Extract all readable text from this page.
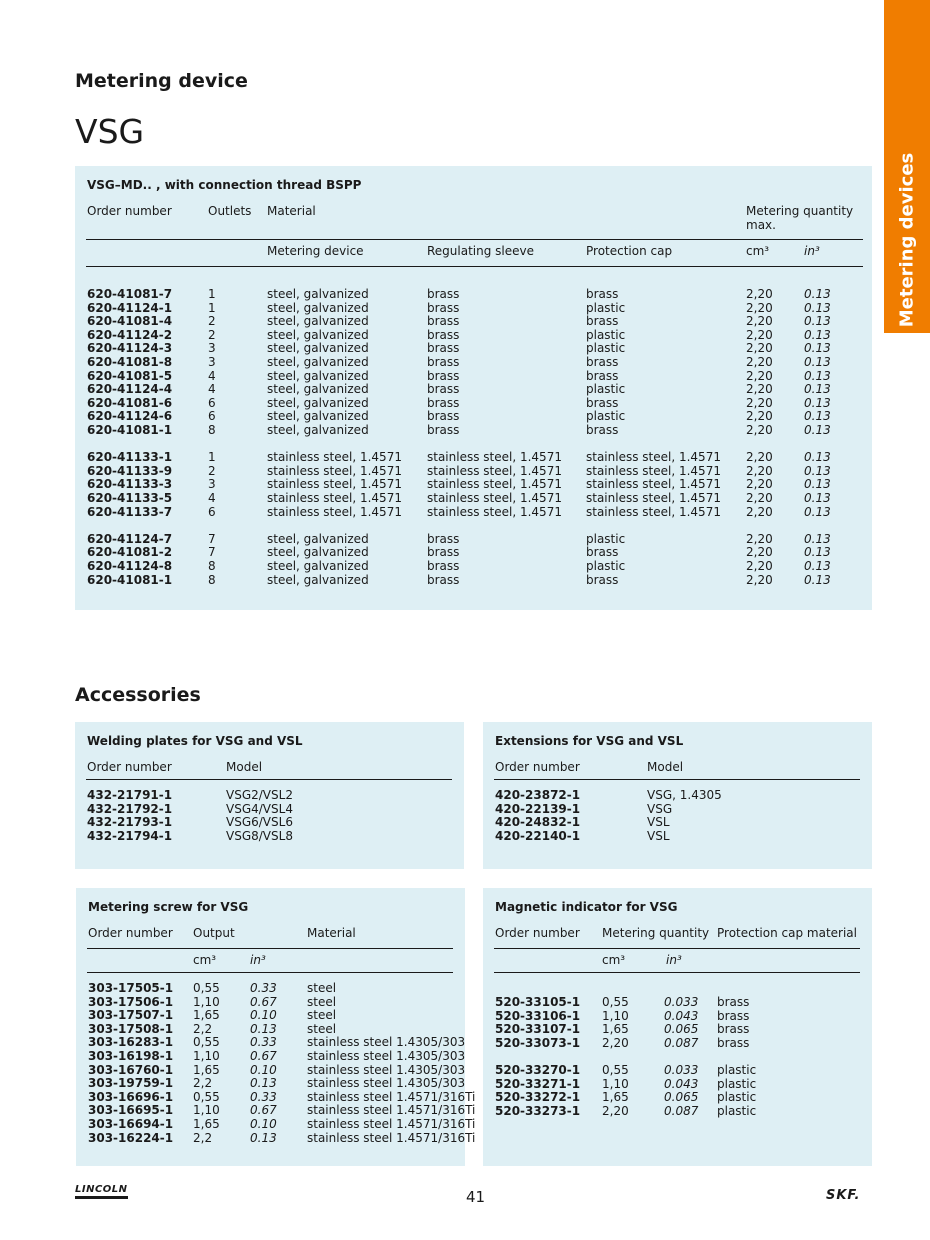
Metering devices
Metering device
VSG
VSG–MD.. , with connection thread BSPP
Order number	Outlets Material	Metering quantity
max.
Metering device	Regulating sleeve	Protection cap	cm³	in³
620-41081-7	1	steel, galvanized	brass	brass	2,20	0.13
620-41124-1	1	steel, galvanized	brass	plastic	2,20	0.13
620-41081-4	2	steel, galvanized	brass	brass	2,20	0.13
620-41124-2	2	steel, galvanized	brass	plastic	2,20	0.13
620-41124-3	3	steel, galvanized	brass	plastic	2,20	0.13
620-41081-8	3	steel, galvanized	brass	brass	2,20	0.13
620-41081-5	4	steel, galvanized	brass	brass	2,20	0.13
620-41124-4	4	steel, galvanized	brass	plastic	2,20	0.13
620-41081-6	6	steel, galvanized	brass	brass	2,20	0.13
620-41124-6	6	steel, galvanized	brass	plastic	2,20	0.13
620-41081-1	8	steel, galvanized	brass	brass	2,20	0.13
620-41133-1	1	stainless steel, 1.4571 stainless steel, 1.4571 stainless steel, 1.4571 2,20	0.13
620-41133-9	2	stainless steel, 1.4571 stainless steel, 1.4571 stainless steel, 1.4571 2,20	0.13
620-41133-3	3	stainless steel, 1.4571 stainless steel, 1.4571 stainless steel, 1.4571 2,20	0.13
620-41133-5	4	stainless steel, 1.4571 stainless steel, 1.4571 stainless steel, 1.4571 2,20	0.13
620-41133-7	6	stainless steel, 1.4571 stainless steel, 1.4571 stainless steel, 1.4571 2,20	0.13
620-41124-7	7	steel, galvanized	brass	plastic	2,20	0.13
620-41081-2	7	steel, galvanized	brass	brass	2,20	0.13
620-41124-8	8	steel, galvanized	brass	plastic	2,20	0.13
620-41081-1	8	steel, galvanized	brass	brass	2,20	0.13
Accessories
Welding plates for VSG and VSL
Order number	Model
432-21791-1	VSG2/VSL2
432-21792-1	VSG4/VSL4
432-21793-1	VSG6/VSL6
432-21794-1	VSG8/VSL8
Extensions for VSG and VSL
Order number	Model
420-23872-1	VSG, 1.4305
420-22139-1	VSG
420-24832-1	VSL
420-22140-1	VSL
Metering screw for VSG
Order number Output	Material
cm³	in³
303-17505-1 0,55	0.33	steel
303-17506-1 1,10	0.67	steel
303-17507-1 1,65	0.10	steel
303-17508-1 2,2	0.13	steel
303-16283-1 0,55	0.33	stainless steel 1.4305/303
303-16198-1 1,10	0.67	stainless steel 1.4305/303
303-16760-1 1,65	0.10	stainless steel 1.4305/303
303-19759-1 2,2	0.13	stainless steel 1.4305/303
303-16696-1 0,55	0.33	stainless steel 1.4571/316Ti
303-16695-1 1,10	0.67	stainless steel 1.4571/316Ti
303-16694-1 1,65	0.10	stainless steel 1.4571/316Ti
303-16224-1 2,2	0.13	stainless steel 1.4571/316Ti
Magnetic indicator for VSG
Order number Metering quantity Protection cap material
cm³	in³
520-33105-1 0,55	0.033 brass
520-33106-1 1,10	0.043 brass
520-33107-1 1,65	0.065 brass
520-33073-1 2,20	0.087 brass
520-33270-1 0,55	0.033 plastic
520-33271-1 1,10	0.043 plastic
520-33272-1 1,65	0.065 plastic
520-33273-1 2,20	0.087 plastic
LINCOLN	41	SKF.
